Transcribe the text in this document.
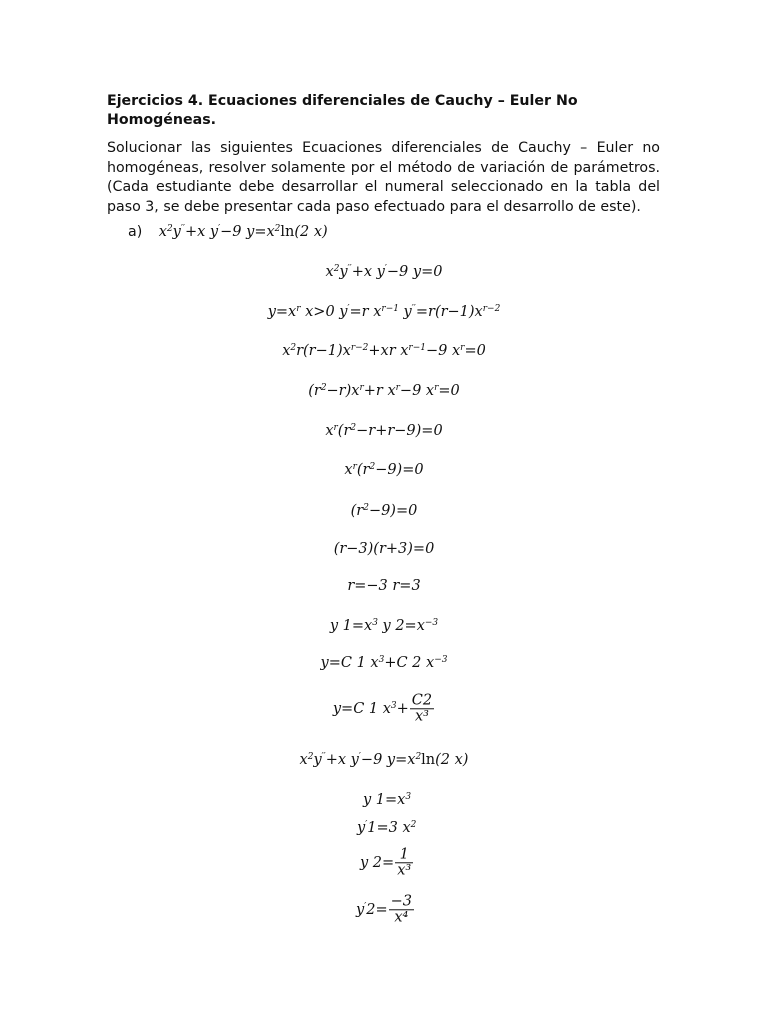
Ejercicios 4. Ecuaciones diferenciales de Cauchy – Euler No Homogéneas.

Solucionar las siguientes Ecuaciones diferenciales de Cauchy – Euler no homogéneas, resolver solamente por el método de variación de parámetros. (Cada estudiante debe desarrollar el numeral seleccionado en la tabla del paso 3, se debe presentar cada paso efectuado para el desarrollo de este).

a) $x^2y''+x$ y′−9 $y=x^2\ln(2$ x)
$x^2y''+x$ y′−9 y=0
$y=x^r$ x>0 y′=r $x^{r-1}$ $y''=r(r-1)x^{r-2}$
$x^2r(r-1)x^{r-2}+xr$ $x^{r-1}-9$ $x^r=0$
$(r^2-r)x^r+r$ $x^r-9$ $x^r=0$
$x^r(r^2-r+r-9)=0$
$x^r(r^2-9)=0$
$(r^2-9)=0$
(r−3)(r+3)=0
r=−3 r=3
y $1=x^3$ y $2=x^{-3}$
y=C 1 $x^3+C$ 2 $x^{-3}$
y=C 1 $x^3+ \frac{C2}{\text{x³}}$
$x^2y''+x$ y′−9 $y=x^2\ln(2$ x)
y $1=x^3$
y′1=3 $x^2$
y $2= \frac{1}{\text{x³}}$
$y'2= \frac{-3}{\text{x⁴}}$
